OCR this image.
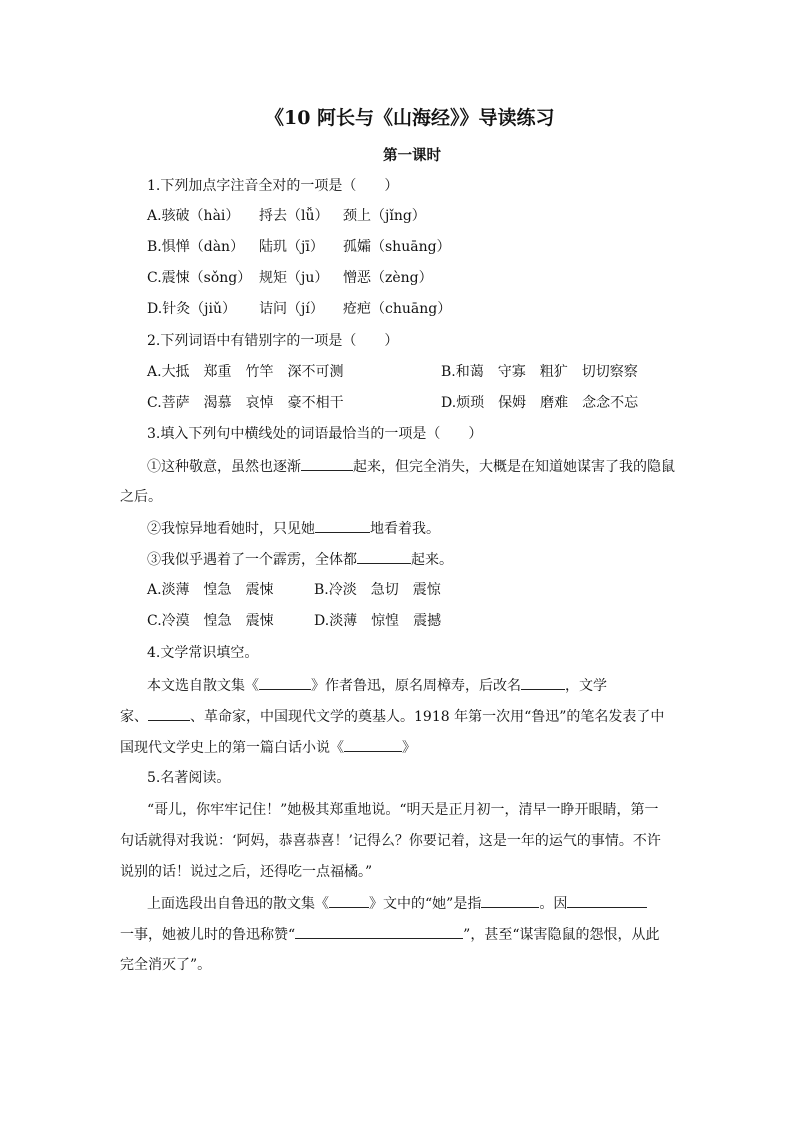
《10 阿长与《山海经》》导读练习
第一课时
1.下列加点字注音全对的一项是（　　）
A.骇破（hài） 捋去（lǚ） 颈上（jǐng）
B.惧惮（dàn） 陆玑（jī） 孤孀（shuāng）
C.震悚（sǒng） 规矩（ju） 憎恶（zèng）
D.针灸（jiǔ） 诘问（jí） 疮疤（chuāng）
2.下列词语中有错别字的一项是（　　）
A.大抵　郑重　竹竿　深不可测	B.和蔼　守寡　粗犷　切切察察
C.菩萨　渴慕　哀悼　豪不相干	D.烦琐　保姆　磨难　念念不忘
3.填入下列句中横线处的词语最恰当的一项是（　　）
①这种敬意，虽然也逐渐	起来，但完全消失，大概是在知道她谋害了我的隐鼠
之后。
②我惊异地看她时，只见她	地看着我。
③我似乎遇着了一个霹雳，全体都	起来。
A.淡薄　惶急　震悚	B.冷淡　急切　震惊
C.冷漠　惶急　震悚	D.淡薄　惊惶　震撼
4.文学常识填空。
本文选自散文集《	》作者鲁迅，原名周樟寿，后改名	，文学
家、	、革命家，中国现代文学的奠基人。1918 年第一次用“鲁迅”的笔名发表了中
国现代文学史上的第一篇白话小说《	》
5.名著阅读。
“哥儿，你牢牢记住！”她极其郑重地说。“明天是正月初一，清早一睁开眼睛，第一
句话就得对我说：‘阿妈，恭喜恭喜！’记得么？你要记着，这是一年的运气的事情。不许
说别的话！说过之后，还得吃一点福橘。”
上面选段出自鲁迅的散文集《	》文中的“她”是指	。因
一事，她被儿时的鲁迅称赞“	”，甚至“谋害隐鼠的怨恨，从此
完全消灭了”。
